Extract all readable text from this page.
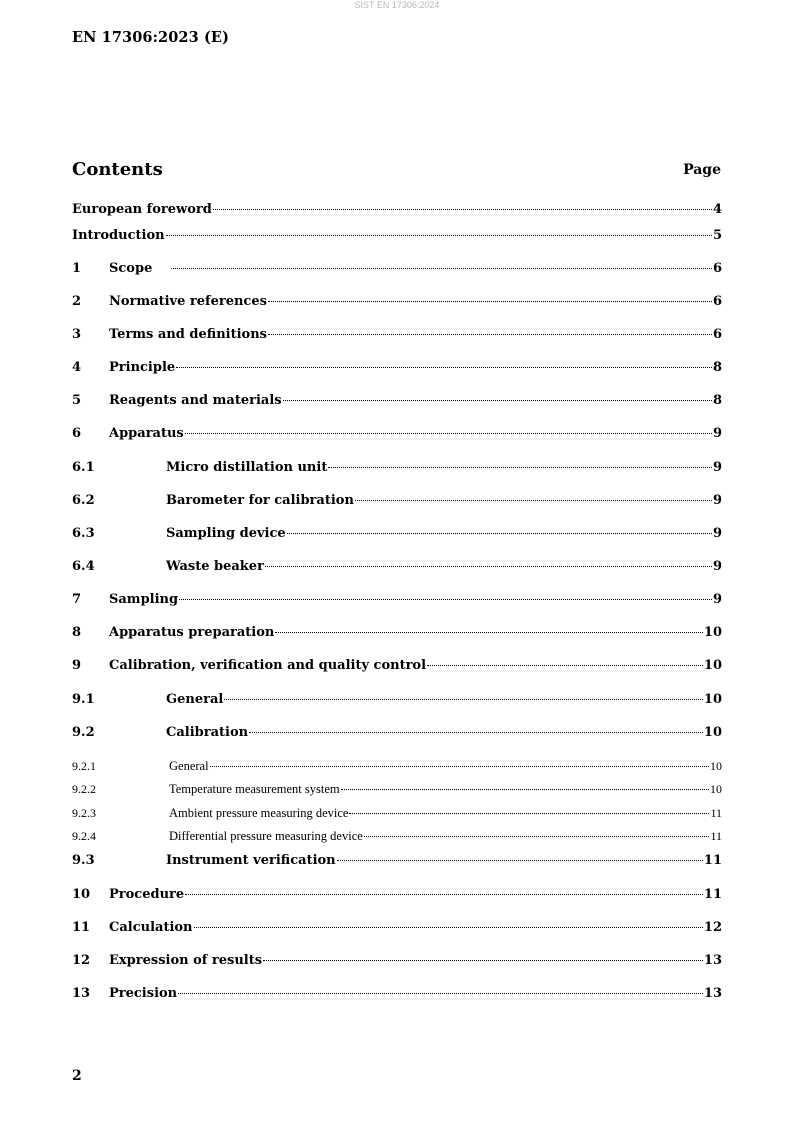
SIST EN 17306:2024
EN 17306:2023 (E)
Contents	Page
European foreword	4
Introduction	5
1	Scope	6
2	Normative references	6
3	Terms and definitions	6
4	Principle	8
5	Reagents and materials	8
6	Apparatus	9
6.1	Micro distillation unit	9
6.2	Barometer for calibration	9
6.3	Sampling device	9
6.4	Waste beaker	9
7	Sampling	9
8	Apparatus preparation	10
9	Calibration, verification and quality control	10
9.1	General	10
9.2	Calibration	10
9.2.1	General	10
9.2.2	Temperature measurement system	10
9.2.3	Ambient pressure measuring device	11
9.2.4	Differential pressure measuring device	11
9.3	Instrument verification	11
10	Procedure	11
11	Calculation	12
12	Expression of results	13
13	Precision	13
2
